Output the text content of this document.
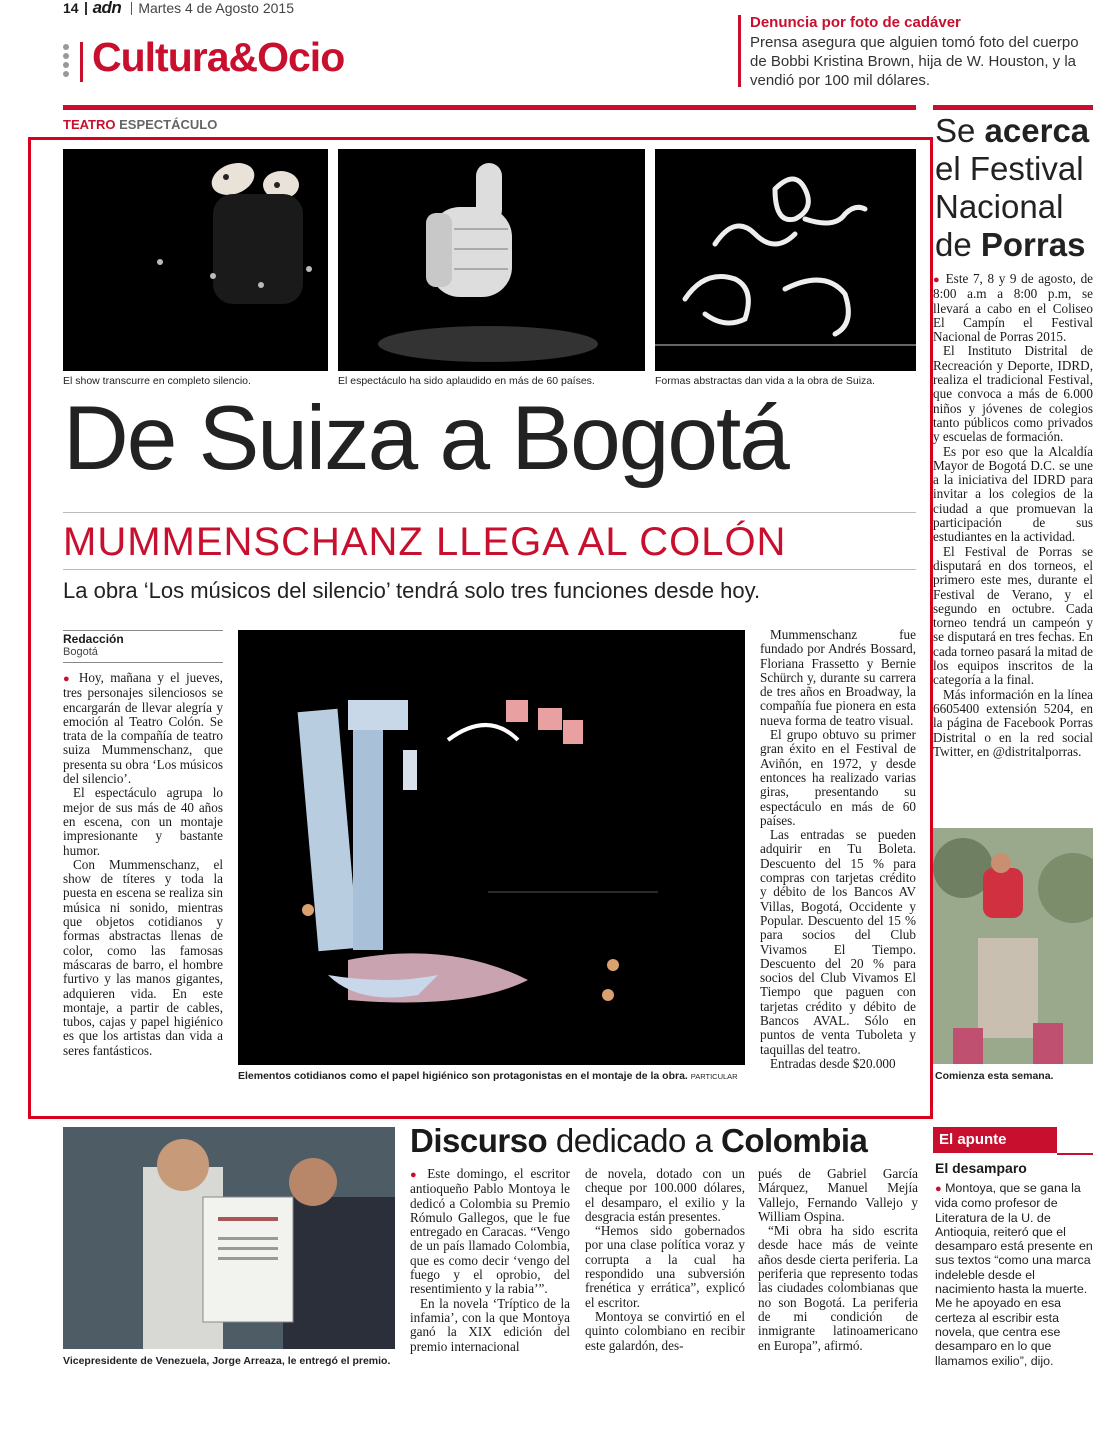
14 adn Martes 4 de Agosto 2015
Cultura&Ocio
Denuncia por foto de cadáver
Prensa asegura que alguien tomó foto del cuerpo de Bobbi Kristina Brown, hija de W. Houston, y la vendió por 100 mil dólares.
TEATRO ESPECTÁCULO
El show transcurre en completo silencio.	El espectáculo ha sido aplaudido en más de 60 países.	Formas abstractas dan vida a la obra de Suiza.
De Suiza a Bogotá
MUMMENSCHANZ LLEGA AL COLÓN
La obra ‘Los músicos del silencio’ tendrá solo tres funciones desde hoy.
Redacción
Bogotá

● Hoy, mañana y el jueves, tres personajes silenciosos se encargarán de llevar alegría y emoción al Teatro Colón. Se trata de la compañía de teatro suiza Mummenschanz, que presenta su obra ‘Los músicos del silencio’.

El espectáculo agrupa lo mejor de sus más de 40 años en escena, con un montaje impresionante y bastante humor.

Con Mummenschanz, el show de títeres y toda la puesta en escena se realiza sin música ni sonido, mientras que objetos cotidianos y formas abstractas llenas de color, como las famosas máscaras de barro, el hombre furtivo y las manos gigantes, adquieren vida. En este montaje, a partir de cables, tubos, cajas y papel higiénico es que los artistas dan vida a seres fantásticos.

Elementos cotidianos como el papel higiénico son protagonistas en el montaje de la obra. PARTICULAR

Mummenschanz fue fundado por Andrés Bossard, Floriana Frassetto y Bernie Schürch y, durante su carrera de tres años en Broadway, la compañía fue pionera en esta nueva forma de teatro visual.

El grupo obtuvo su primer gran éxito en el Festival de Aviñón, en 1972, y desde entonces ha realizado varias giras, presentando su espectáculo en más de 60 países.

Las entradas se pueden adquirir en Tu Boleta. Descuento del 15 % para compras con tarjetas crédito y débito de los Bancos AV Villas, Bogotá, Occidente y Popular. Descuento del 15 % para socios del Club Vivamos El Tiempo. Descuento del 20 % para socios del Club Vivamos El Tiempo que paguen con tarjetas crédito y débito de Bancos AVAL. Sólo en puntos de venta Tuboleta y taquillas del teatro.

Entradas desde $20.000

Se acerca
el Festival
Nacional
de Porras

● Este 7, 8 y 9 de agosto, de 8:00 a.m a 8:00 p.m, se llevará a cabo en el Coliseo El Campín el Festival Nacional de Porras 2015.

El Instituto Distrital de Recreación y Deporte, IDRD, realiza el tradicional Festival, que convoca a más de 6.000 niños y jóvenes de colegios tanto públicos como privados y escuelas de formación.

Es por eso que la Alcaldía Mayor de Bogotá D.C. se une a la iniciativa del IDRD para invitar a los colegios de la ciudad a que promuevan la participación de sus estudiantes en la actividad.

El Festival de Porras se disputará en dos torneos, el primero este mes, durante el Festival de Verano, y el segundo en octubre. Cada torneo tendrá un campeón y se disputará en tres fechas. En cada torneo pasará la mitad de los equipos inscritos de la categoría a la final.

Más información en la línea 6605400 extensión 5204, en la página de Facebook Porras Distrital o en la red social Twitter, en @distritalporras.

Comienza esta semana.
Vicepresidente de Venezuela, Jorge Arreaza, le entregó el premio.
Discurso dedicado a Colombia

● Este domingo, el escritor antioqueño Pablo Montoya le dedicó a Colombia su Premio Rómulo Gallegos, que le fue entregado en Caracas. “Vengo de un país llamado Colombia, que es como decir ‘vengo del fuego y el oprobio, del resentimiento y la rabia’”.

En la novela ‘Tríptico de la infamia’, con la que Montoya ganó la XIX edición del premio internacional

de novela, dotado con un cheque por 100.000 dólares, el desamparo, el exilio y la desgracia están presentes.

“Hemos sido gobernados por una clase política voraz y corrupta a la cual ha respondido una subversión frenética y errática”, explicó el escritor.

Montoya se convirtió en el quinto colombiano en recibir este galardón, des-

pués de Gabriel García Márquez, Manuel Mejía Vallejo, Fernando Vallejo y William Ospina.

“Mi obra ha sido escrita desde hace más de veinte años desde cierta periferia. La periferia que represento todas las ciudades colombianas que no son Bogotá. La periferia de mi condición de inmigrante latinoamericano en Europa”, afirmó.

El apunte
El desamparo
● Montoya, que se gana la vida como profesor de Literatura de la U. de Antioquia, reiteró que el desamparo está presente en sus textos “como una marca indeleble desde el nacimiento hasta la muerte. Me he apoyado en esa certeza al escribir esta novela, que centra ese desamparo en lo que llamamos exilio”, dijo.
